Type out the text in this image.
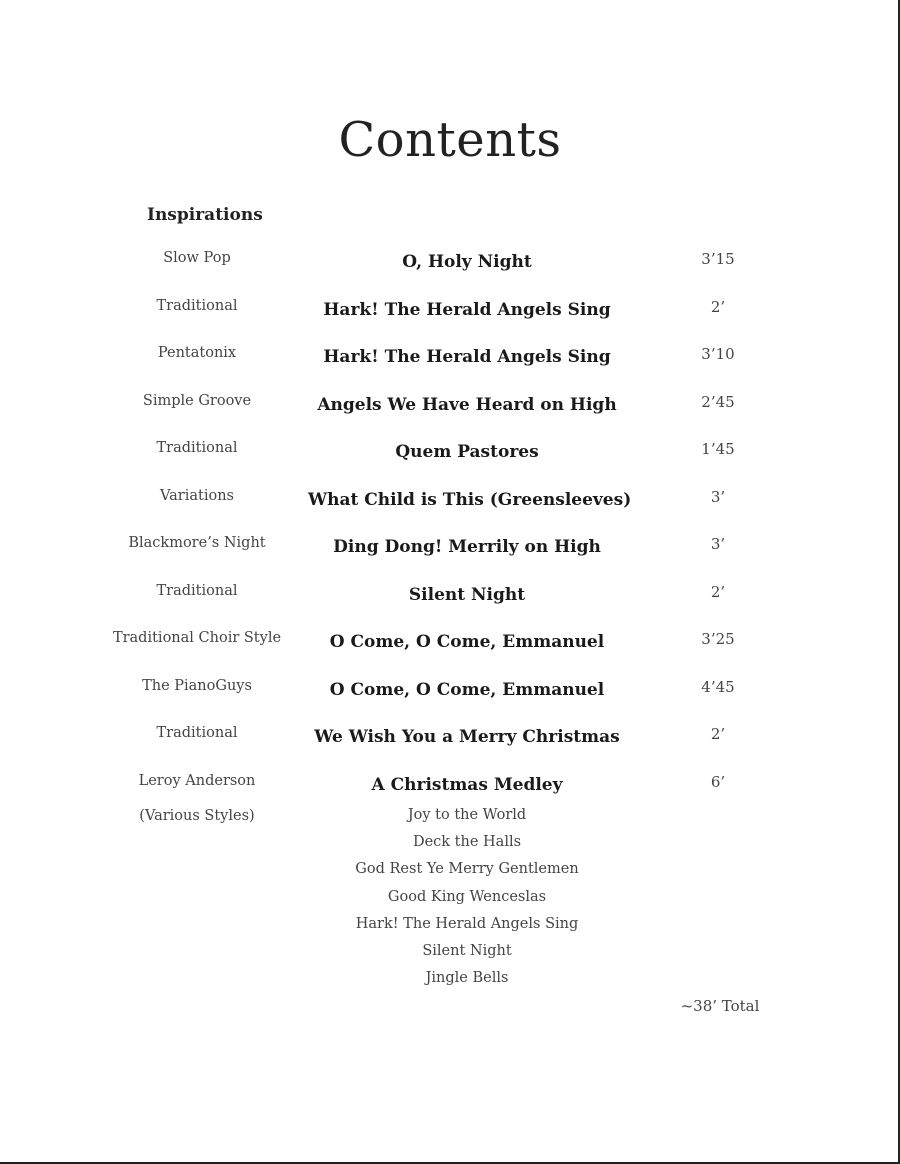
Contents
Inspirations
Slow Pop	O, Holy Night	3’15
Traditional	Hark! The Herald Angels Sing	2’
Pentatonix	Hark! The Herald Angels Sing	3’10
Simple Groove	Angels We Have Heard on High	2’45
Traditional	Quem Pastores	1’45
Variations	What Child is This (Greensleeves)	3’
Blackmore’s Night	Ding Dong! Merrily on High	3’
Traditional	Silent Night	2’
Traditional Choir Style	O Come, O Come, Emmanuel	3’25
The PianoGuys	O Come, O Come, Emmanuel	4’45
Traditional	We Wish You a Merry Christmas	2’
Leroy Anderson	A Christmas Medley	6’
(Various Styles)	Joy to the World
Deck the Halls
God Rest Ye Merry Gentlemen
Good King Wenceslas
Hark! The Herald Angels Sing
Silent Night
Jingle Bells
~38’ Total
